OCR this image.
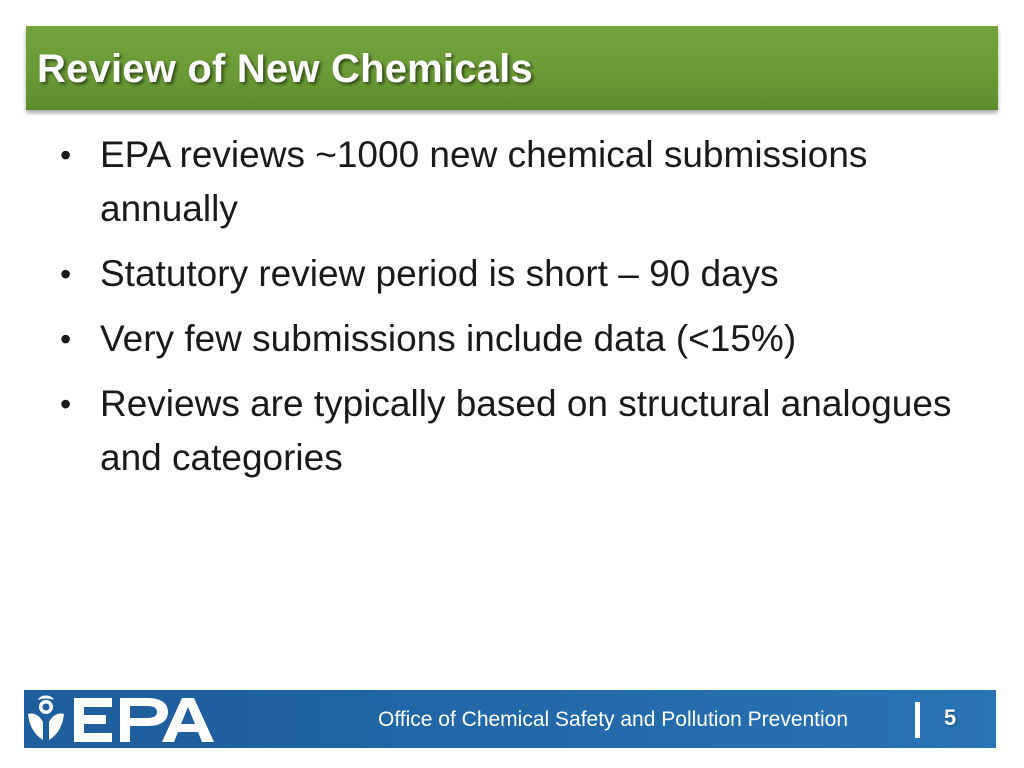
Review of New Chemicals
• EPA reviews ~1000 new chemical submissions annually
• Statutory review period is short – 90 days
• Very few submissions include data (<15%)
• Reviews are typically based on structural analogues and categories
Office of Chemical Safety and Pollution Prevention	5
